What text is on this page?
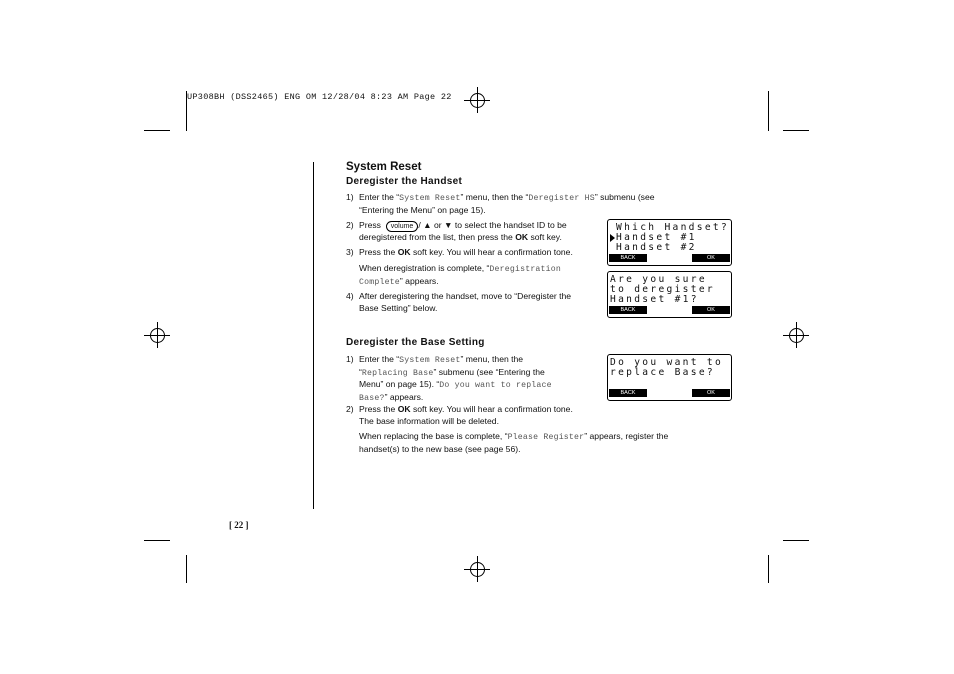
UP308BH (DSS2465) ENG OM 12/28/04 8:23 AM Page 22
System Reset
Deregister the Handset
1) Enter the “System Reset” menu, then the “Deregister HS” submenu (see
“Entering the Menu” on page 15).
2) Press volume / ▲ or ▼ to select the handset ID to be
deregistered from the list, then press the OK soft key.
3) Press the OK soft key. You will hear a confirmation tone.
When deregistration is complete, “Deregistration
Complete” appears.
4) After deregistering the handset, move to “Deregister the
Base Setting” below.
Deregister the Base Setting
1) Enter the “System Reset” menu, then the
“Replacing Base” submenu (see “Entering the
Menu” on page 15). “Do you want to replace
Base?” appears.
2) Press the OK soft key. You will hear a confirmation tone.
The base information will be deleted.
When replacing the base is complete, “Please Register” appears, register the
handset(s) to the new base (see page 56).
Which Handset?
Handset #1
Handset #2
BACK	OK
Are you sure
to deregister
Handset #1?
BACK	OK
Do you want to
replace Base?
BACK	OK
[ 22 ]
